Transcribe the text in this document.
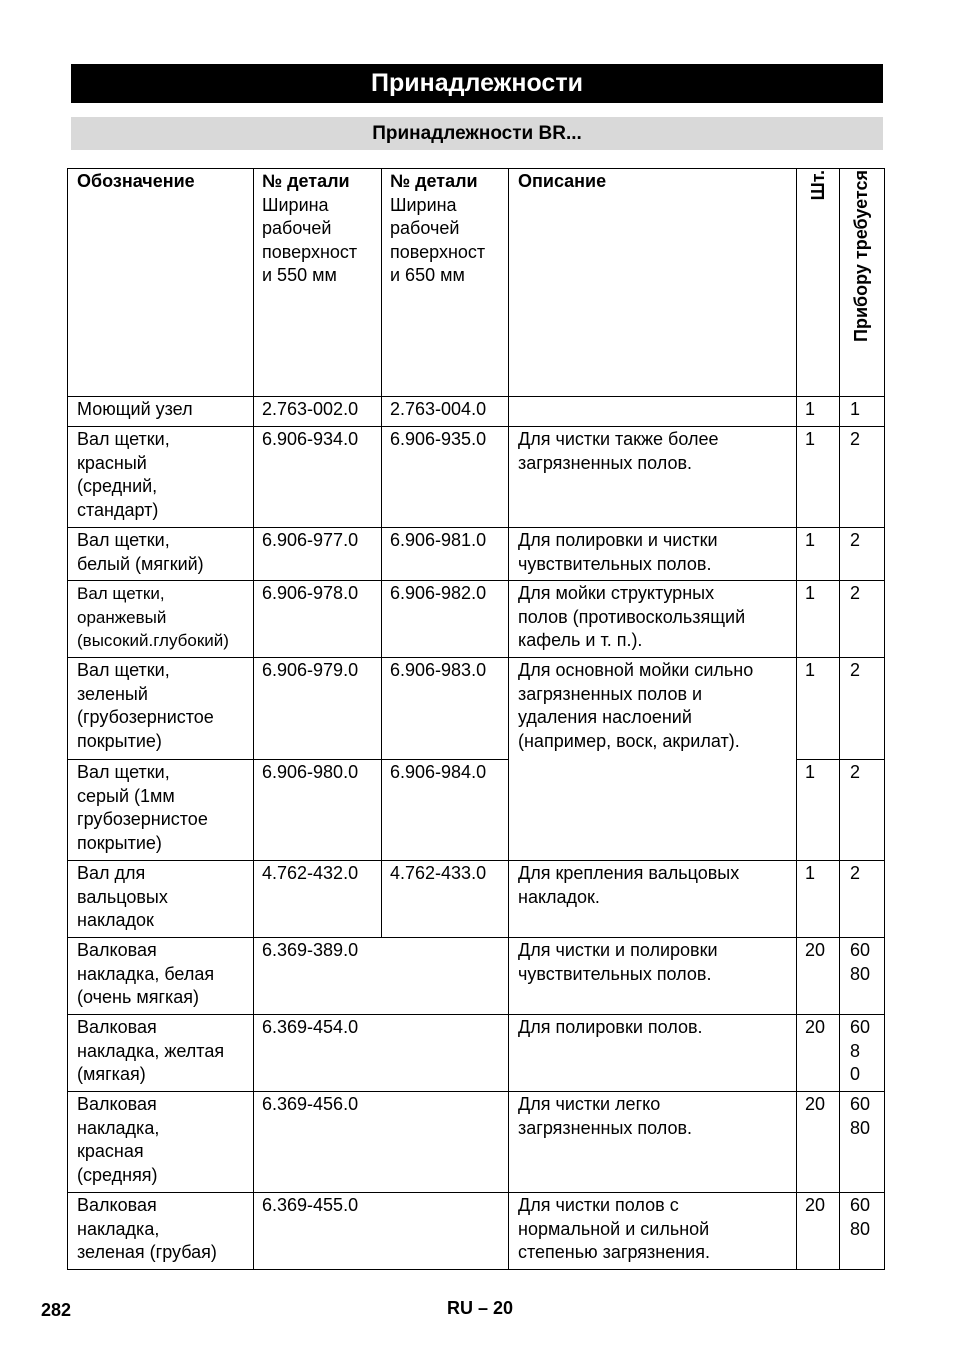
Принадлежности
Принадлежности BR...
Обозначение	№ детали
Ширина
рабочей
поверхност
и 550 мм	№ детали
Ширина
рабочей
поверхност
и 650 мм	Описание	Шт.	Прибору требуется
Моющий узел	2.763-002.0	2.763-004.0		1	1
Вал щетки,
красный
(средний,
стандарт)	6.906-934.0	6.906-935.0	Для чистки также более
загрязненных полов.	1	2
Вал щетки,
белый (мягкий)	6.906-977.0	6.906-981.0	Для полировки и чистки
чувствительных полов.	1	2
Вал щетки,
оранжевый
(высокий.глубокий)	6.906-978.0	6.906-982.0	Для мойки структурных
полов (противоскользящий
кафель и т. п.).	1	2
Вал щетки,
зеленый
(грубозернистое
покрытие)	6.906-979.0	6.906-983.0	Для основной мойки сильно
загрязненных полов и
удаления наслоений
(например, воск, акрилат).	1	2
Вал щетки,
серый (1мм
грубозернистое
покрытие)	6.906-980.0	6.906-984.0		1	2
Вал для
вальцовых
накладок	4.762-432.0	4.762-433.0	Для крепления вальцовых
накладок.	1	2
Валковая
накладка, белая
(очень мягкая)	6.369-389.0		Для чистки и полировки
чувствительных полов.	20	60
80
Валковая
накладка, желтая
(мягкая)	6.369-454.0		Для полировки полов.	20	60
8
0
Валковая
накладка,
красная
(средняя)	6.369-456.0		Для чистки легко
загрязненных полов.	20	60
80
Валковая
накладка,
зеленая (грубая)	6.369-455.0		Для чистки полов с
нормальной и сильной
степенью загрязнения.	20	60
80
282	RU – 20
